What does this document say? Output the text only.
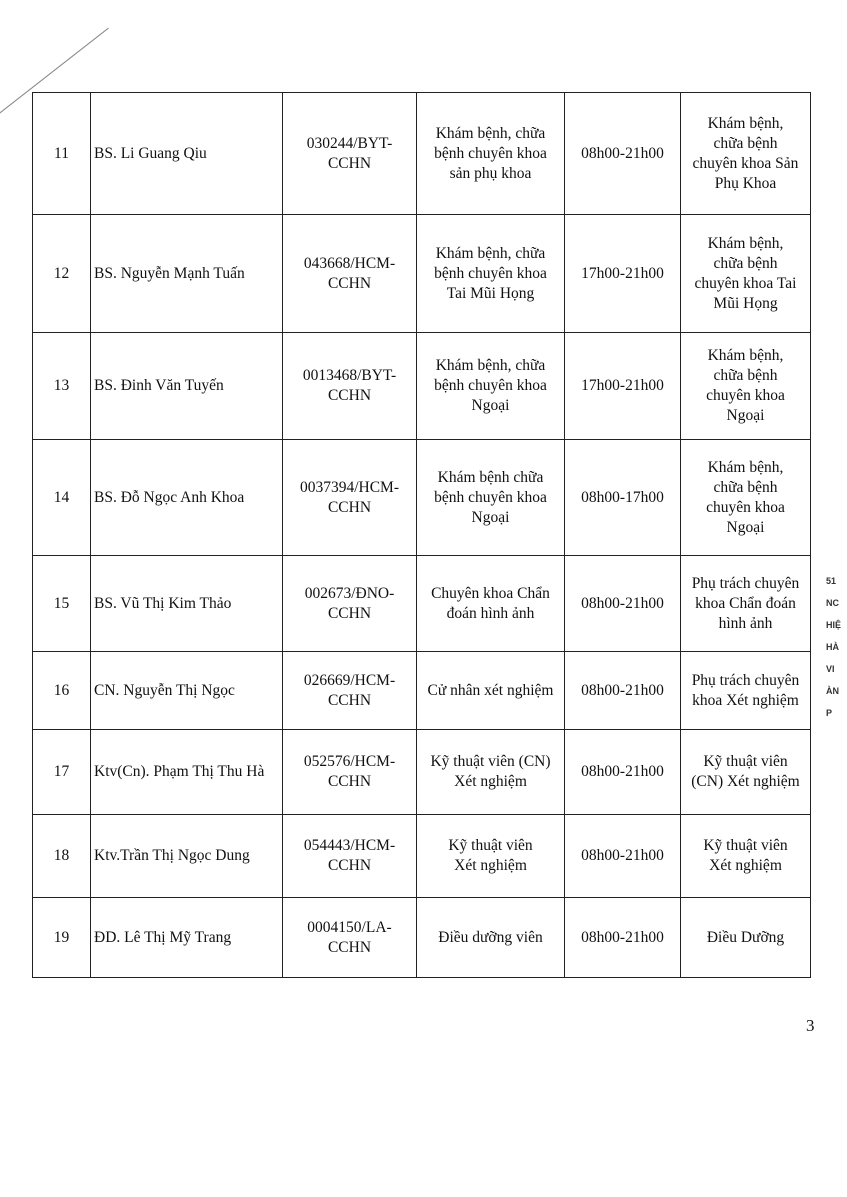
11	BS. Li Guang Qiu	030244/BYT-
CCHN	Khám bệnh, chữa
bệnh chuyên khoa
sản phụ khoa	08h00-21h00	Khám bệnh,
chữa bệnh
chuyên khoa Sản
Phụ Khoa

12	BS. Nguyễn Mạnh Tuấn	043668/HCM-
CCHN	Khám bệnh, chữa
bệnh chuyên khoa
Tai Mũi Họng	17h00-21h00	Khám bệnh,
chữa bệnh
chuyên khoa Tai
Mũi Họng

13	BS. Đinh Văn Tuyến	0013468/BYT-
CCHN	Khám bệnh, chữa
bệnh chuyên khoa
Ngoại	17h00-21h00	Khám bệnh,
chữa bệnh
chuyên khoa
Ngoại

14	BS. Đỗ Ngọc Anh Khoa	0037394/HCM-
CCHN	Khám bệnh chữa
bệnh chuyên khoa
Ngoại	08h00-17h00	Khám bệnh,
chữa bệnh
chuyên khoa
Ngoại

15	BS. Vũ Thị Kim Thảo	002673/ĐNO-
CCHN	Chuyên khoa Chẩn
đoán hình ảnh	08h00-21h00	Phụ trách chuyên
khoa Chẩn đoán
hình ảnh

16	CN. Nguyễn Thị Ngọc	026669/HCM-
CCHN	Cử nhân xét nghiệm	08h00-21h00	Phụ trách chuyên
khoa Xét nghiệm

17	Ktv(Cn). Phạm Thị Thu Hà	052576/HCM-
CCHN	Kỹ thuật viên (CN)
Xét nghiệm	08h00-21h00	Kỹ thuật viên
(CN) Xét nghiệm

18	Ktv.Trần Thị Ngọc Dung	054443/HCM-
CCHN	Kỹ thuật viên
Xét nghiệm	08h00-21h00	Kỹ thuật viên
Xét nghiệm

19	ĐD. Lê Thị Mỹ Trang	0004150/LA-
CCHN	Điều dưỡng viên	08h00-21h00	Điều Dưỡng
3
51
NC
HIỆ
HÀ
VI
ÀN
P
